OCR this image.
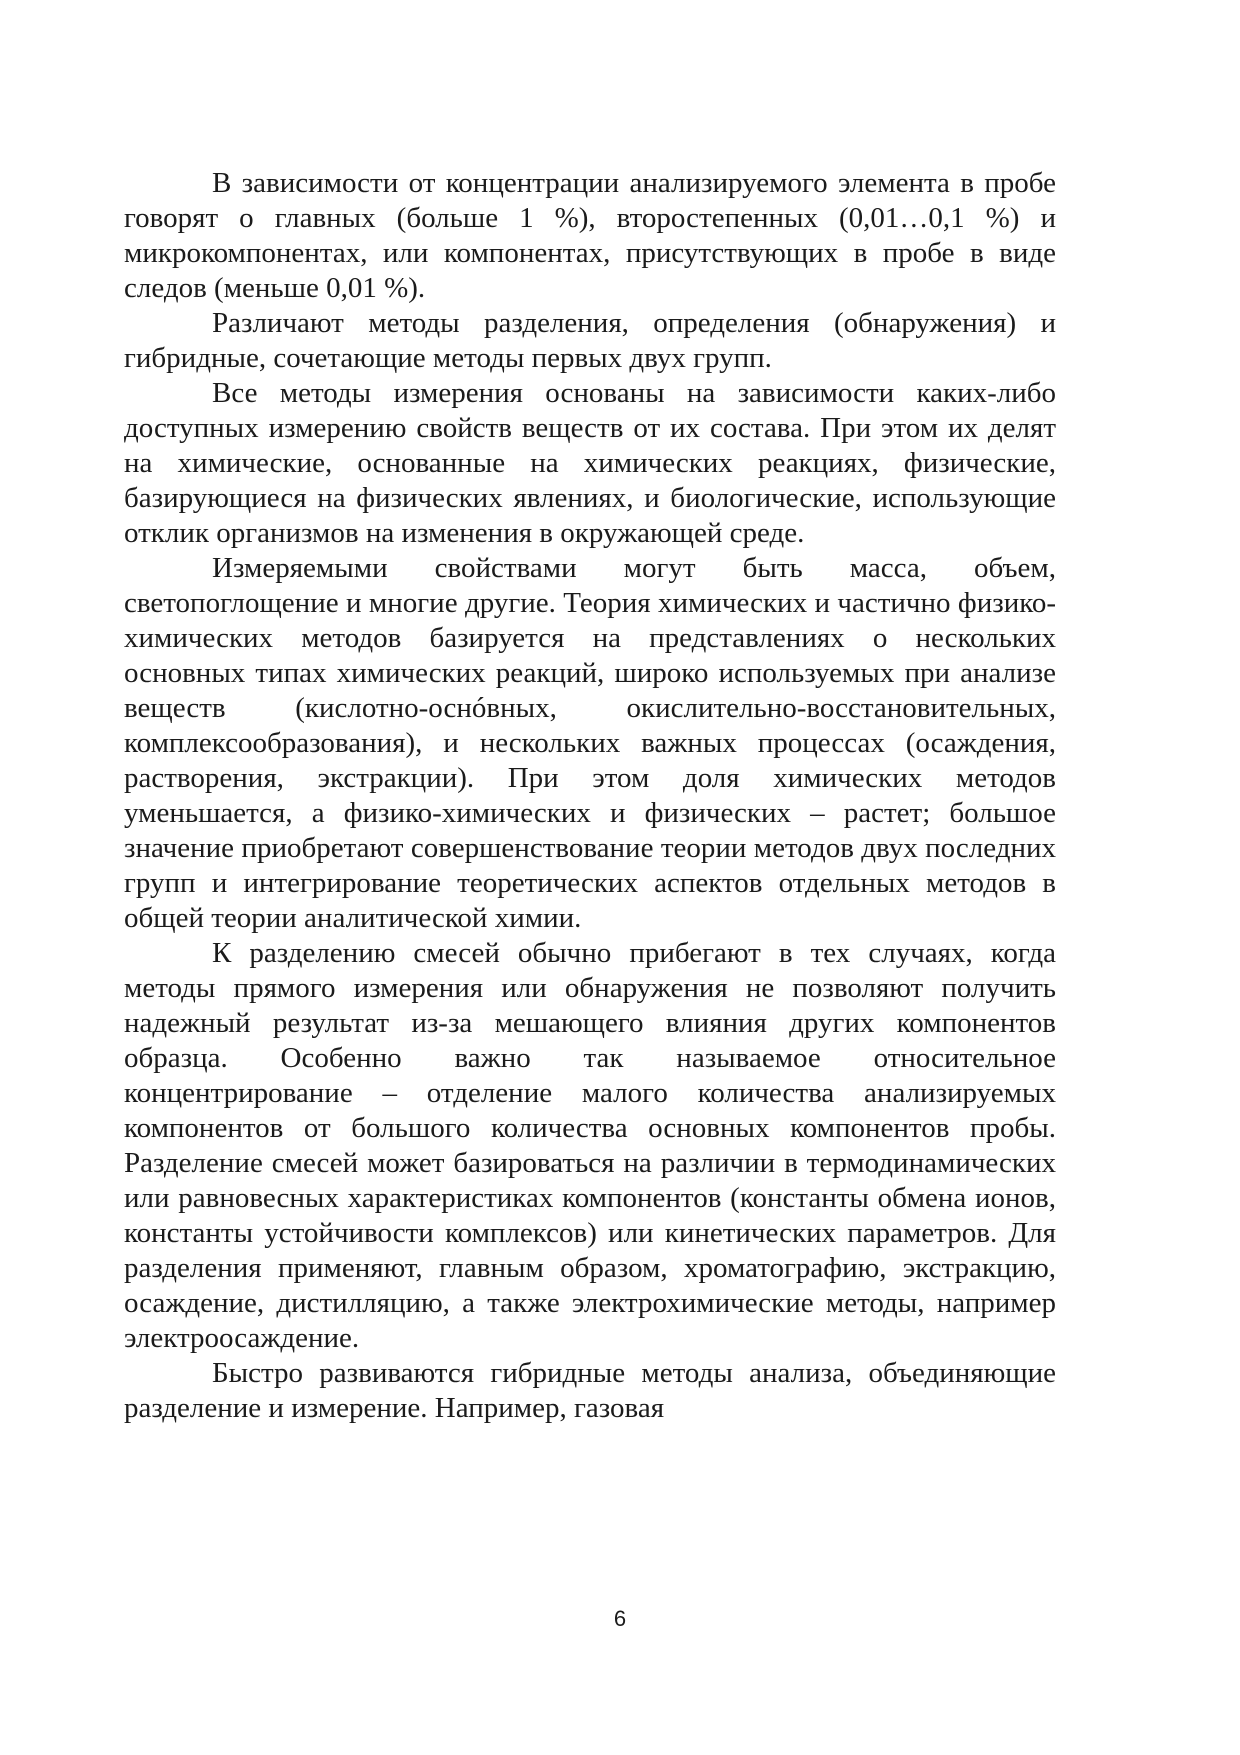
В зависимости от концентрации анализируемого элемента в пробе говорят о главных (больше 1 %), второстепенных (0,01…0,1 %) и микрокомпонентах, или компонентах, присутствующих в пробе в виде следов (меньше 0,01 %).

Различают методы разделения, определения (обнаружения) и гибридные, сочетающие методы первых двух групп.

Все методы измерения основаны на зависимости каких-либо доступных измерению свойств веществ от их состава. При этом их делят на химические, основанные на химических реакциях, физические, базирующиеся на физических явлениях, и биологические, использующие отклик организмов на изменения в окружающей среде.

Измеряемыми свойствами могут быть масса, объем, светопоглощение и многие другие. Теория химических и частично физико- химических методов базируется на представлениях о нескольких основных типах химических реакций, широко используемых при анализе веществ (кислотно-оснóвных, окислительно-восстановительных, комплексообразования), и нескольких важных процессах (осаждения, растворения, экстракции). При этом доля химических методов уменьшается, а физико-химических и физических – растет; большое значение приобретают совершенствование теории методов двух последних групп и интегрирование теоретических аспектов отдельных методов в общей теории аналитической химии.

К разделению смесей обычно прибегают в тех случаях, когда методы прямого измерения или обнаружения не позволяют получить надежный результат из-за мешающего влияния других компонентов образца. Особенно важно так называемое относительное концентрирование – отделение малого количества анализируемых компонентов от большого количества основных компонентов пробы. Разделение смесей может базироваться на различии в термодинамических или равновесных характеристиках компонентов (константы обмена ионов, константы устойчивости комплексов) или кинетических параметров. Для разделения применяют, главным образом, хроматографию, экстракцию, осаждение, дистилляцию, а также электрохимические методы, например электроосаждение.

Быстро развиваются гибридные методы анализа, объединяющие разделение и измерение. Например, газовая

6
